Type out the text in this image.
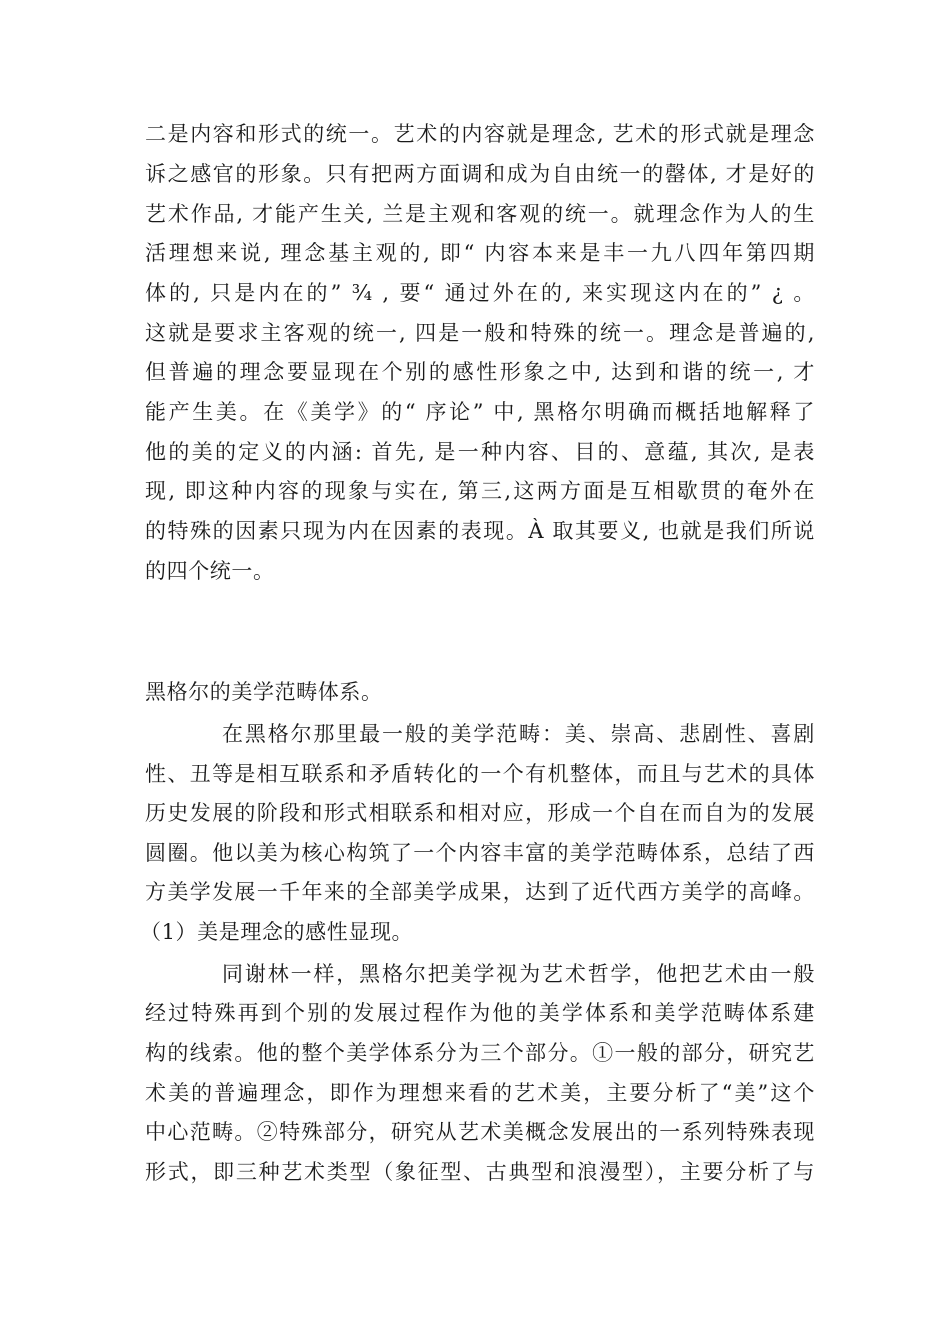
二是内容和形式的统一。艺术的内容就是理念, 艺术的形式就是理念
诉之感官的形象。只有把两方面调和成为自由统一的罄体, 才是好的
艺术作品, 才能产生关, 兰是主观和客观的统一。就理念作为人的生
活理想来说, 理念基主观的, 即“ 内容本来是丰一九八四年第四期
体的, 只是内在的” ¾ , 要“ 通过外在的, 来实现这内在的” ¿ 。
这就是要求主客观的统一, 四是一般和特殊的统一。理念是普遍的,
但普遍的理念要显现在个别的感性形象之中, 达到和谐的统一, 才
能产生美。在《美学》的“ 序论” 中, 黑格尔明确而概括地解释了
他的美的定义的内涵: 首先, 是一种内容、目的、意蕴, 其次, 是表
现, 即这种内容的现象与实在, 第三,这两方面是互相歇贯的奄外在
的特殊的因素只现为内在因素的表现。À 取其要义, 也就是我们所说
的四个统一。
黑格尔的美学范畴体系。
在黑格尔那里最一般的美学范畴：美、崇高、悲剧性、喜剧
性、丑等是相互联系和矛盾转化的一个有机整体，而且与艺术的具体
历史发展的阶段和形式相联系和相对应，形成一个自在而自为的发展
圆圈。他以美为核心构筑了一个内容丰富的美学范畴体系，总结了西
方美学发展一千年来的全部美学成果，达到了近代西方美学的高峰。
（1）美是理念的感性显现。
同谢林一样，黑格尔把美学视为艺术哲学，他把艺术由一般
经过特殊再到个别的发展过程作为他的美学体系和美学范畴体系建
构的线索。他的整个美学体系分为三个部分。①一般的部分，研究艺
术美的普遍理念，即作为理想来看的艺术美，主要分析了“美”这个
中心范畴。②特殊部分，研究从艺术美概念发展出的一系列特殊表现
形式，即三种艺术类型（象征型、古典型和浪漫型），主要分析了与
